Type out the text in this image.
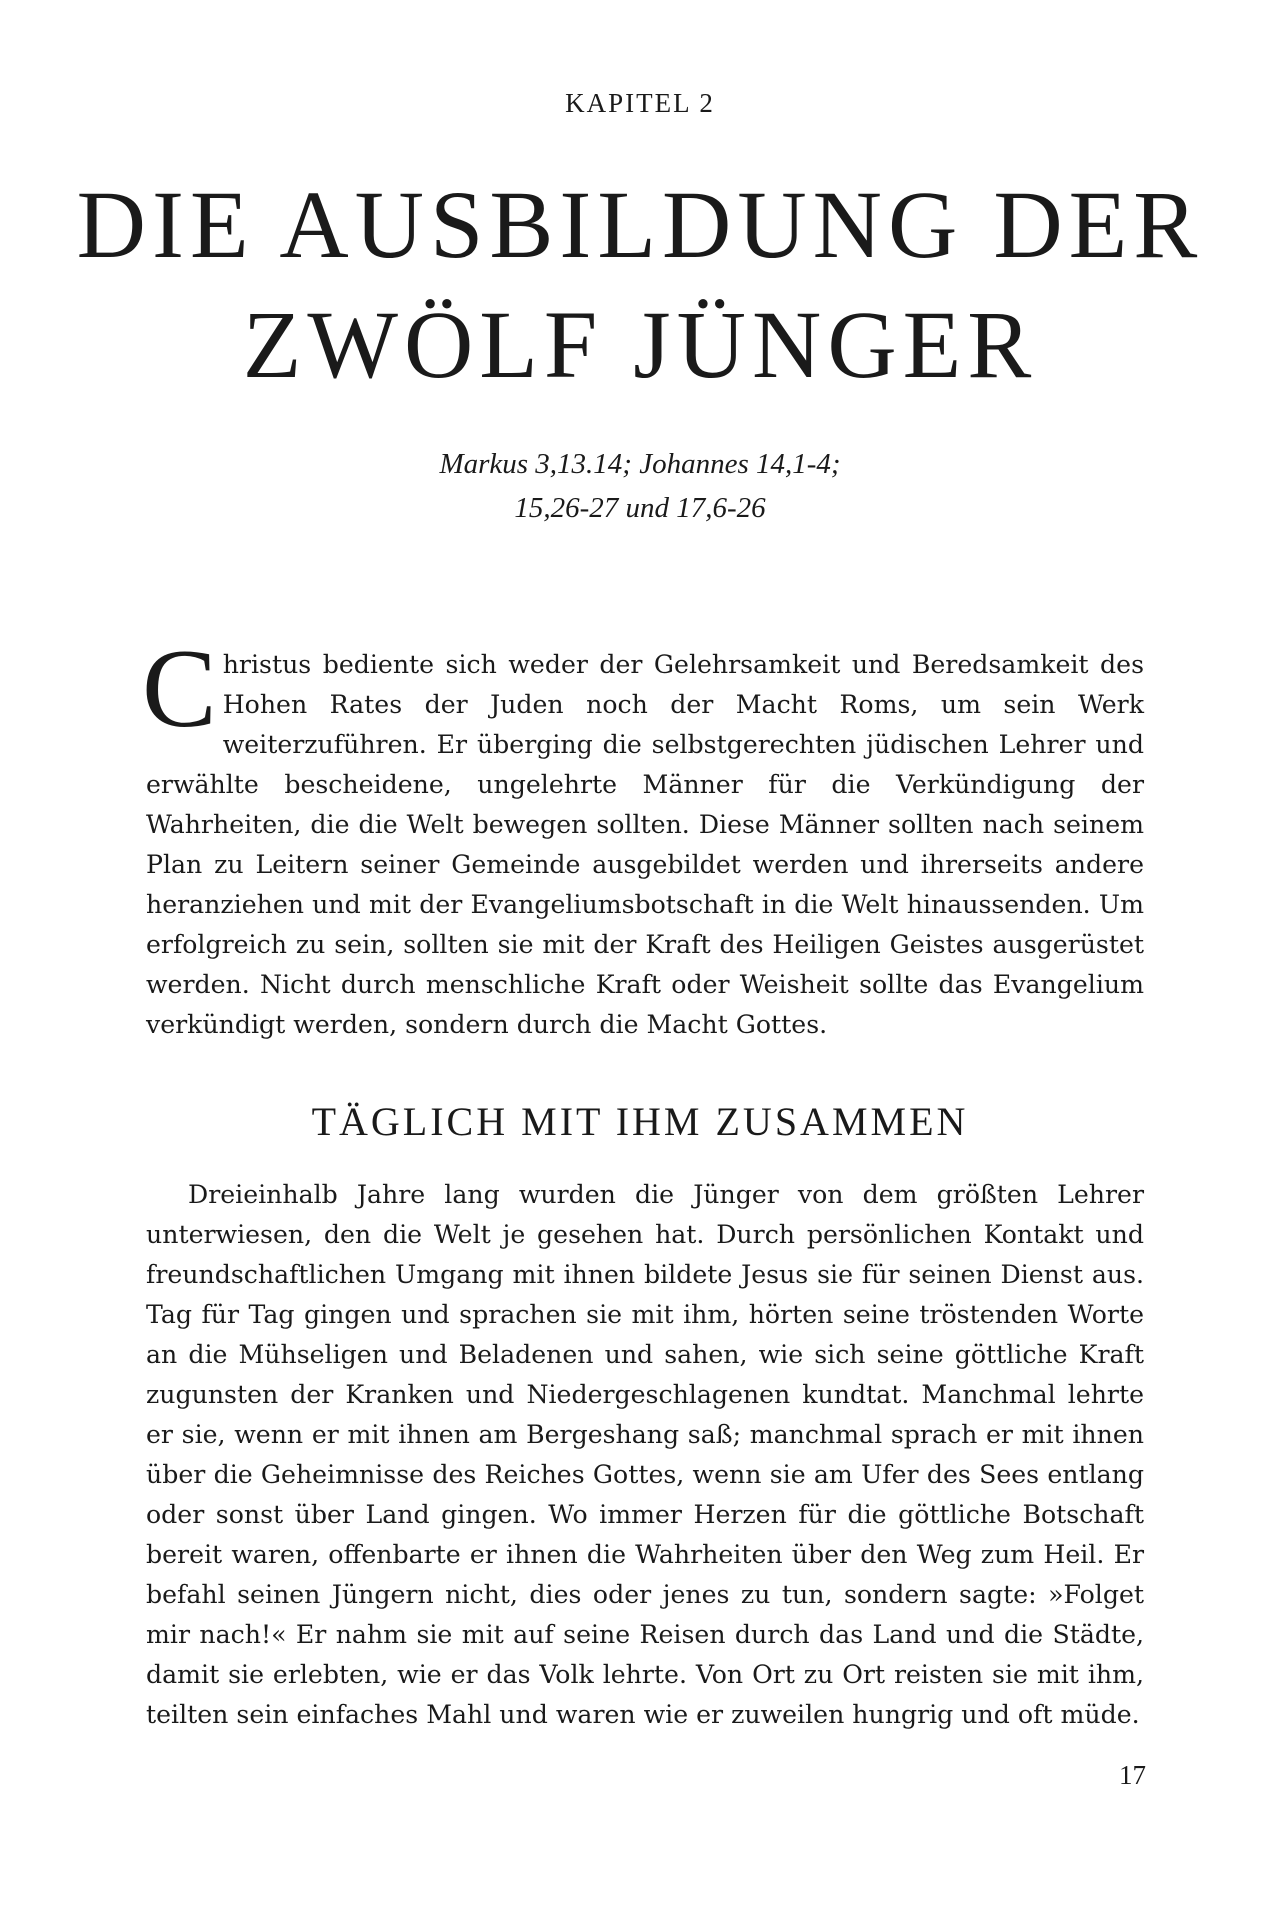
KAPITEL 2
DIE AUSBILDUNG DER
ZWÖLF JÜNGER
Markus 3,13.14; Johannes 14,1-4;
15,26-27 und 17,6-26

Christus bediente sich weder der Gelehrsamkeit und Beredsamkeit des Hohen Rates der Juden noch der Macht Roms, um sein Werk weiterzuführen. Er überging die selbstgerechten jüdischen Lehrer und erwählte bescheidene, ungelehrte Männer für die Verkündigung der Wahrheiten, die die Welt bewegen sollten. Diese Männer sollten nach seinem Plan zu Leitern seiner Gemeinde ausgebildet werden und ihrerseits andere heranziehen und mit der Evangeliumsbotschaft in die Welt hinaussenden. Um erfolgreich zu sein, sollten sie mit der Kraft des Heiligen Geistes ausgerüstet werden. Nicht durch menschliche Kraft oder Weisheit sollte das Evangelium verkündigt werden, sondern durch die Macht Gottes.

TÄGLICH MIT IHM ZUSAMMEN

Dreieinhalb Jahre lang wurden die Jünger von dem größten Lehrer unterwiesen, den die Welt je gesehen hat. Durch persönlichen Kontakt und freundschaftlichen Umgang mit ihnen bildete Jesus sie für seinen Dienst aus. Tag für Tag gingen und sprachen sie mit ihm, hörten seine tröstenden Worte an die Mühseligen und Beladenen und sahen, wie sich seine göttliche Kraft zugunsten der Kranken und Niedergeschlagenen kundtat. Manchmal lehrte er sie, wenn er mit ihnen am Bergeshang saß; manchmal sprach er mit ihnen über die Geheimnisse des Reiches Gottes, wenn sie am Ufer des Sees entlang oder sonst über Land gingen. Wo immer Herzen für die göttliche Botschaft bereit waren, offenbarte er ihnen die Wahrheiten über den Weg zum Heil. Er befahl seinen Jüngern nicht, dies oder jenes zu tun, sondern sagte: »Folget mir nach!« Er nahm sie mit auf seine Reisen durch das Land und die Städte, damit sie erlebten, wie er das Volk lehrte. Von Ort zu Ort reisten sie mit ihm, teilten sein einfaches Mahl und waren wie er zuweilen hungrig und oft müde.

17
